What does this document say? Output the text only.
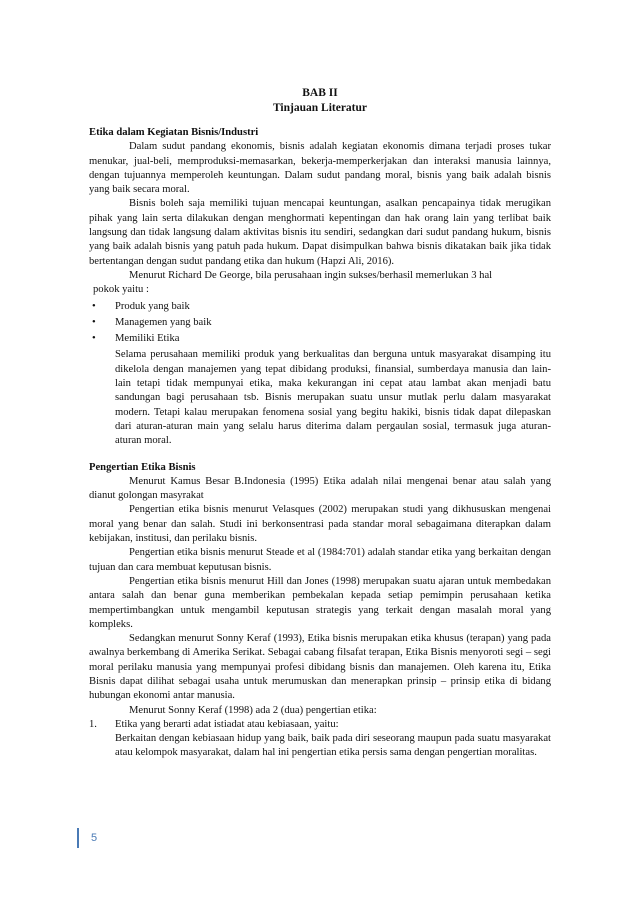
BAB II
Tinjauan Literatur
Etika dalam Kegiatan Bisnis/Industri

Dalam sudut pandang ekonomis, bisnis adalah kegiatan ekonomis dimana terjadi proses tukar menukar, jual-beli, memproduksi-memasarkan, bekerja-memperkerjakan dan interaksi manusia lainnya, dengan tujuannya memperoleh keuntungan. Dalam sudut pandang moral, bisnis yang baik adalah bisnis yang baik secara moral.

Bisnis boleh saja memiliki tujuan mencapai keuntungan, asalkan pencapainya tidak merugikan pihak yang lain serta dilakukan dengan menghormati kepentingan dan hak orang lain yang terlibat baik langsung dan tidak langsung dalam aktivitas bisnis itu sendiri, sedangkan dari sudut pandang hukum, bisnis yang baik adalah bisnis yang patuh pada hukum. Dapat disimpulkan bahwa bisnis dikatakan baik jika tidak bertentangan dengan sudut pandang etika dan hukum (Hapzi Ali, 2016).

Menurut Richard De George, bila perusahaan ingin sukses/berhasil memerlukan 3 hal

pokok yaitu :

• Produk yang baik
• Managemen yang baik
• Memiliki Etika

Selama perusahaan memiliki produk yang berkualitas dan berguna untuk masyarakat disamping itu dikelola dengan manajemen yang tepat dibidang produksi, finansial, sumberdaya manusia dan lain-lain tetapi tidak mempunyai etika, maka kekurangan ini cepat atau lambat akan menjadi batu sandungan bagi perusahaan tsb. Bisnis merupakan suatu unsur mutlak perlu dalam masyarakat modern. Tetapi kalau merupakan fenomena sosial yang begitu hakiki, bisnis tidak dapat dilepaskan dari aturan-aturan main yang selalu harus diterima dalam pergaulan sosial, termasuk juga aturan-aturan moral.

Pengertian Etika Bisnis

Menurut Kamus Besar B.Indonesia (1995) Etika adalah nilai mengenai benar atau salah yang dianut golongan masyrakat

Pengertian etika bisnis menurut Velasques (2002) merupakan studi yang dikhususkan mengenai moral yang benar dan salah. Studi ini berkonsentrasi pada standar moral sebagaimana diterapkan dalam kebijakan, institusi, dan perilaku bisnis.

Pengertian etika bisnis menurut Steade et al (1984:701) adalah standar etika yang berkaitan dengan tujuan dan cara membuat keputusan bisnis.

Pengertian etika bisnis menurut Hill dan Jones (1998) merupakan suatu ajaran untuk membedakan antara salah dan benar guna memberikan pembekalan kepada setiap pemimpin perusahaan ketika mempertimbangkan untuk mengambil keputusan strategis yang terkait dengan masalah moral yang kompleks.

Sedangkan menurut Sonny Keraf (1993), Etika bisnis merupakan etika khusus (terapan) yang pada awalnya berkembang di Amerika Serikat. Sebagai cabang filsafat terapan, Etika Bisnis menyoroti segi – segi moral perilaku manusia yang mempunyai profesi dibidang bisnis dan manajemen. Oleh karena itu, Etika Bisnis dapat dilihat sebagai usaha untuk merumuskan dan menerapkan prinsip – prinsip etika di bidang hubungan ekonomi antar manusia.

Menurut Sonny Keraf (1998) ada 2 (dua) pengertian etika:

1. Etika yang berarti adat istiadat atau kebiasaan, yaitu:

Berkaitan dengan kebiasaan hidup yang baik, baik pada diri seseorang maupun pada suatu masyarakat atau kelompok masyarakat, dalam hal ini pengertian etika persis sama dengan pengertian moralitas.

5
